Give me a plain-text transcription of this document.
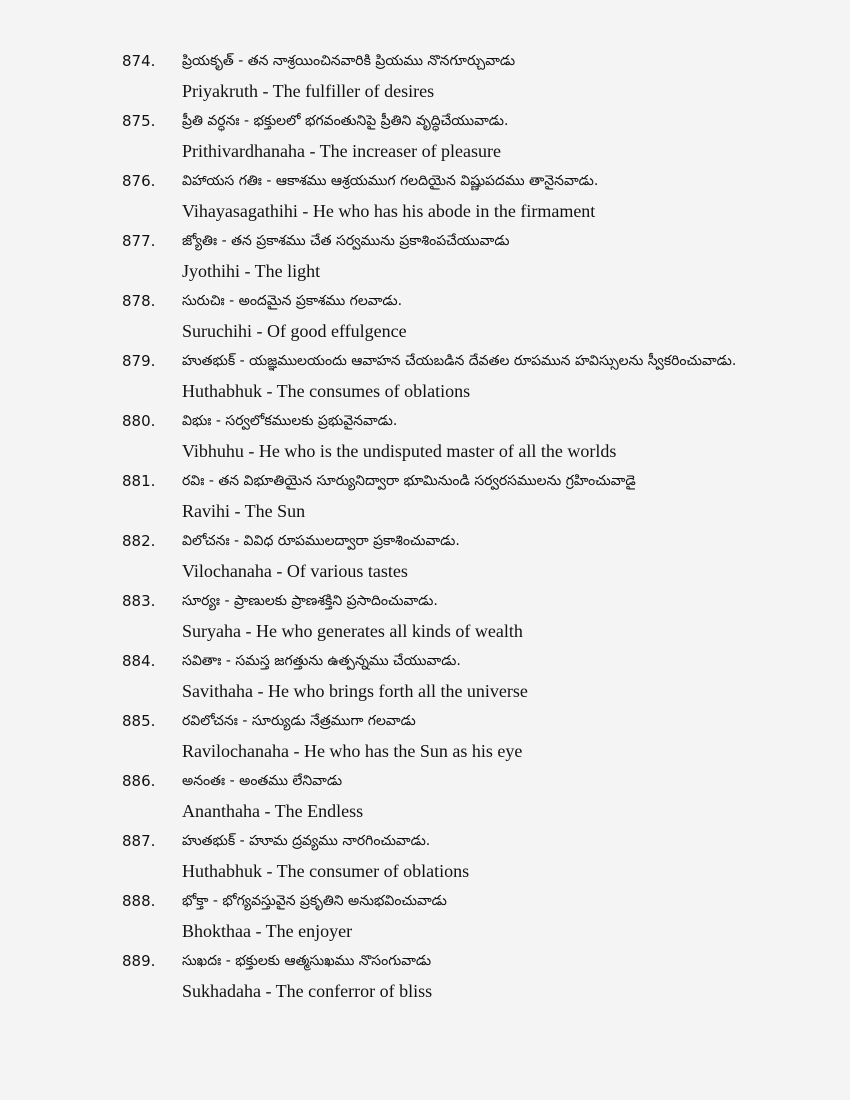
874. ప్రియకృత్ - తన నాశ్రయించినవారికి ప్రియము నొనగూర్చువాడు
Priyakruth - The fulfiller of desires
875. ప్రీతి వర్ధనః - భక్తులలో భగవంతునిపై ప్రీతిని వృద్ధిచేయువాడు.
Prithivardhanaha - The increaser of pleasure
876. విహాయస గతిః - ఆకాశము ఆశ్రయముగ గలదియైన విష్ణుపదము తానైనవాడు.
Vihayasagathihi - He who has his abode in the firmament
877. జ్యోతిః - తన ప్రకాశము చేత సర్వమును ప్రకాశింపచేయువాడు
Jyothihi - The light
878. సురుచిః - అందమైన ప్రకాశము గలవాడు.
Suruchihi - Of good effulgence
879. హుతభుక్ - యజ్ఞములయందు ఆవాహన చేయబడిన దేవతల రూపమున హవిస్సులను స్వీకరించువాడు.
Huthabhuk - The consumes of oblations
880. విభుః - సర్వలోకములకు ప్రభువైనవాడు.
Vibhuhu - He who is the undisputed master of all the worlds
881. రవిః - తన విభూతియైన సూర్యునిద్వారా భూమినుండి సర్వరసములను గ్రహించువాడై
Ravihi - The Sun
882. విలోచనః - వివిధ రూపములద్వారా ప్రకాశించువాడు.
Vilochanaha - Of various tastes
883. సూర్యః - ప్రాణులకు ప్రాణశక్తిని ప్రసాదించువాడు.
Suryaha - He who generates all kinds of wealth
884. సవితాః - సమస్త జగత్తును ఉత్పన్నము చేయువాడు.
Savithaha - He who brings forth all the universe
885. రవిలోచనః - సూర్యుడు నేత్రముగా గలవాడు
Ravilochanaha - He who has the Sun as his eye
886. అనంతః - అంతము లేనివాడు
Ananthaha - The Endless
887. హుతభుక్ - హూమ ద్రవ్యము నారగించువాడు.
Huthabhuk - The consumer of oblations
888. భోక్తా - భోగ్యవస్తువైన ప్రకృతిని అనుభవించువాడు
Bhokthaa - The enjoyer
889. సుఖదః - భక్తులకు ఆత్మసుఖము నొసంగువాడు
Sukhadaha - The conferror of bliss
